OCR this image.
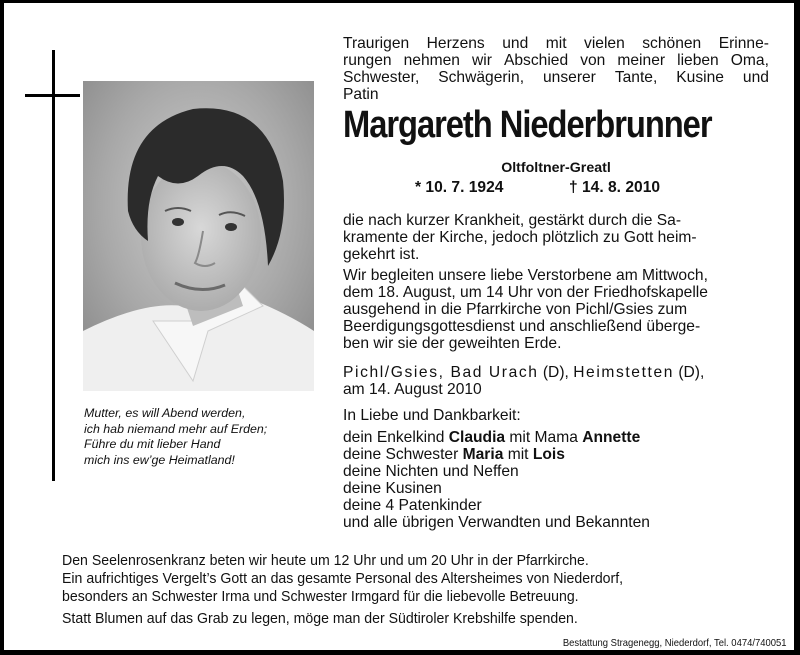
Mutter, es will Abend werden,
ich hab niemand mehr auf Erden;
Führe du mit lieber Hand
mich ins ew’ge Heimatland!
Traurigen Herzens und mit vielen schönen Erinne-
rungen nehmen wir Abschied von meiner lieben Oma,
Schwester, Schwägerin, unserer Tante, Kusine und
Patin
Margareth Niederbrunner
Oltfoltner-Greatl
* 10. 7. 1924	† 14. 8. 2010
die nach kurzer Krankheit, gestärkt durch die Sa-
kramente der Kirche, jedoch plötzlich zu Gott heim-
gekehrt ist.
Wir begleiten unsere liebe Verstorbene am Mittwoch,
dem 18. August, um 14 Uhr von der Friedhofskapelle
ausgehend in die Pfarrkirche von Pichl/Gsies zum
Beerdigungsgottesdienst und anschließend überge-
ben wir sie der geweihten Erde.
Pichl/Gsies, Bad Urach (D), Heimstetten (D),
am 14. August 2010
In Liebe und Dankbarkeit:
dein Enkelkind Claudia mit Mama Annette
deine Schwester Maria mit Lois
deine Nichten und Neffen
deine Kusinen
deine 4 Patenkinder
und alle übrigen Verwandten und Bekannten
Den Seelenrosenkranz beten wir heute um 12 Uhr und um 20 Uhr in der Pfarrkirche.
Ein aufrichtiges Vergelt’s Gott an das gesamte Personal des Altersheimes von Niederdorf,
besonders an Schwester Irma und Schwester Irmgard für die liebevolle Betreuung.
Statt Blumen auf das Grab zu legen, möge man der Südtiroler Krebshilfe spenden.
Bestattung Stragenegg, Niederdorf, Tel. 0474/740051
